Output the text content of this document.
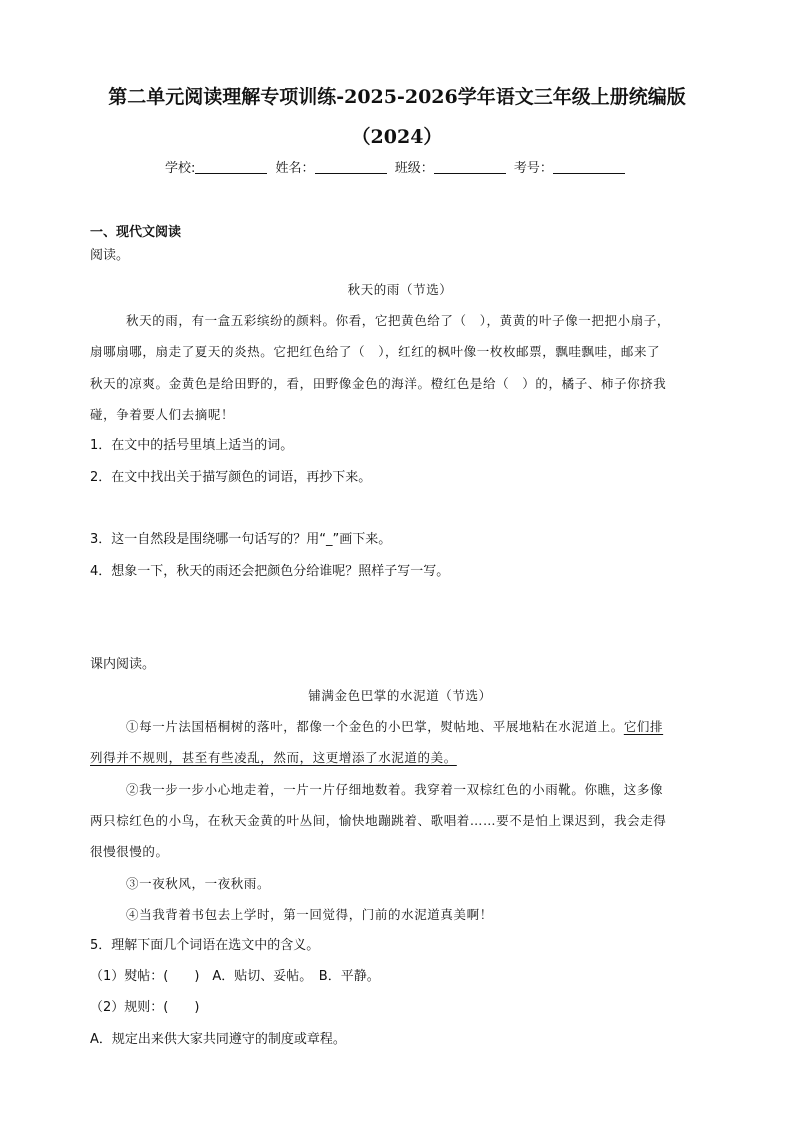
第二单元阅读理解专项训练-2025-2026学年语文三年级上册统编版
（2024）
学校:	姓名：	班级：	考号：
一、现代文阅读
阅读。
秋天的雨（节选）
秋天的雨，有一盒五彩缤纷的颜料。你看，它把黄色给了（　），黄黄的叶子像一把把小扇子，
扇哪扇哪，扇走了夏天的炎热。它把红色给了（　），红红的枫叶像一枚枚邮票，飘哇飘哇，邮来了
秋天的凉爽。金黄色是给田野的，看，田野像金色的海洋。橙红色是给（　）的，橘子、柿子你挤我
碰，争着要人们去摘呢！
1．在文中的括号里填上适当的词。
2．在文中找出关于描写颜色的词语，再抄下来。
3．这一自然段是围绕哪一句话写的？用“_”画下来。
4．想象一下，秋天的雨还会把颜色分给谁呢？照样子写一写。
课内阅读。
铺满金色巴掌的水泥道（节选）
①每一片法国梧桐树的落叶，都像一个金色的小巴掌，熨帖地、平展地粘在水泥道上。它们排
列得并不规则，甚至有些凌乱，然而，这更增添了水泥道的美。
②我一步一步小心地走着，一片一片仔细地数着。我穿着一双棕红色的小雨靴。你瞧，这多像
两只棕红色的小鸟，在秋天金黄的叶丛间，愉快地蹦跳着、歌唱着……要不是怕上课迟到，我会走得
很慢很慢的。
③一夜秋风，一夜秋雨。
④当我背着书包去上学时，第一回觉得，门前的水泥道真美啊！
5．理解下面几个词语在选文中的含义。
（1）熨帖：(　　)　A．贴切、妥帖。　B．平静。
（2）规则：(　　)
A．规定出来供大家共同遵守的制度或章程。
